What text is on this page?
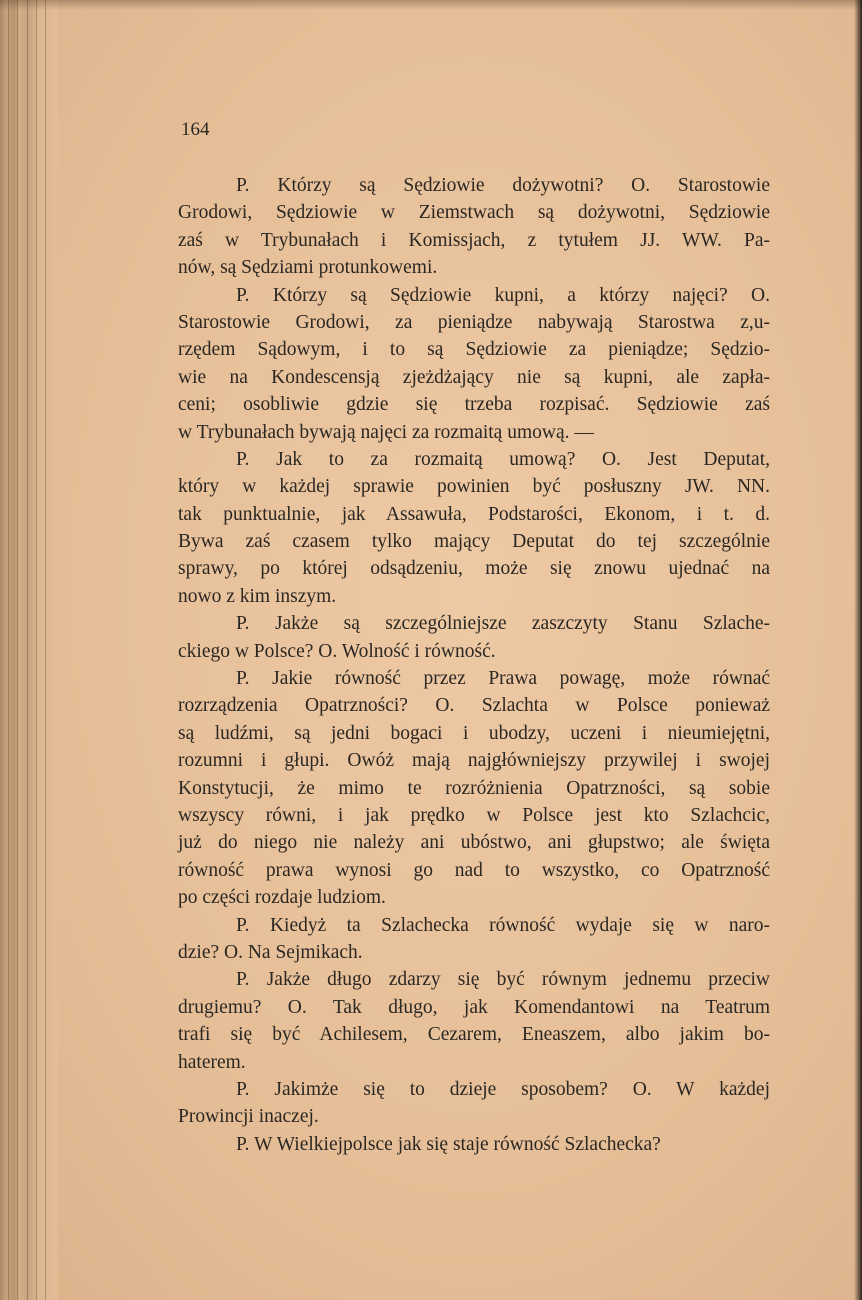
164
P. Którzy są Sędziowie dożywotni? O. Starostowie
Grodowi, Sędziowie w Ziemstwach są dożywotni, Sędziowie
zaś w Trybunałach i Komissjach, z tytułem JJ. WW. Pa-
nów, są Sędziami protunkowemi.
P. Którzy są Sędziowie kupni, a którzy najęci? O.
Starostowie Grodowi, za pieniądze nabywają Starostwa z,u-
rzędem Sądowym, i to są Sędziowie za pieniądze; Sędzio-
wie na Kondescensją zjeżdżający nie są kupni, ale zapła-
ceni; osobliwie gdzie się trzeba rozpisać. Sędziowie zaś
w Trybunałach bywają najęci za rozmaitą umową. —
P. Jak to za rozmaitą umową? O. Jest Deputat,
który w każdej sprawie powinien być posłuszny JW. NN.
tak punktualnie, jak Assawuła, Podstarości, Ekonom, i t. d.
Bywa zaś czasem tylko mający Deputat do tej szczególnie
sprawy, po której odsądzeniu, może się znowu ujednać na
nowo z kim inszym.
P. Jakże są szczególniejsze zaszczyty Stanu Szlache-
ckiego w Polsce? O. Wolność i równość.
P. Jakie równość przez Prawa powagę, może równać
rozrządzenia Opatrzności? O. Szlachta w Polsce ponieważ
są ludźmi, są jedni bogaci i ubodzy, uczeni i nieumiejętni,
rozumni i głupi. Owóż mają najgłówniejszy przywilej i swojej
Konstytucji, że mimo te rozróżnienia Opatrzności, są sobie
wszyscy równi, i jak prędko w Polsce jest kto Szlachcic,
już do niego nie należy ani ubóstwo, ani głupstwo; ale święta
równość prawa wynosi go nad to wszystko, co Opatrzność
po części rozdaje ludziom.
P. Kiedyż ta Szlachecka równość wydaje się w naro-
dzie? O. Na Sejmikach.
P. Jakże długo zdarzy się być równym jednemu przeciw
drugiemu? O. Tak długo, jak Komendantowi na Teatrum
trafi się być Achilesem, Cezarem, Eneaszem, albo jakim bo-
haterem.
P. Jakimże się to dzieje sposobem? O. W każdej
Prowincji inaczej.
P. W Wielkiejpolsce jak się staje równość Szlachecka?
